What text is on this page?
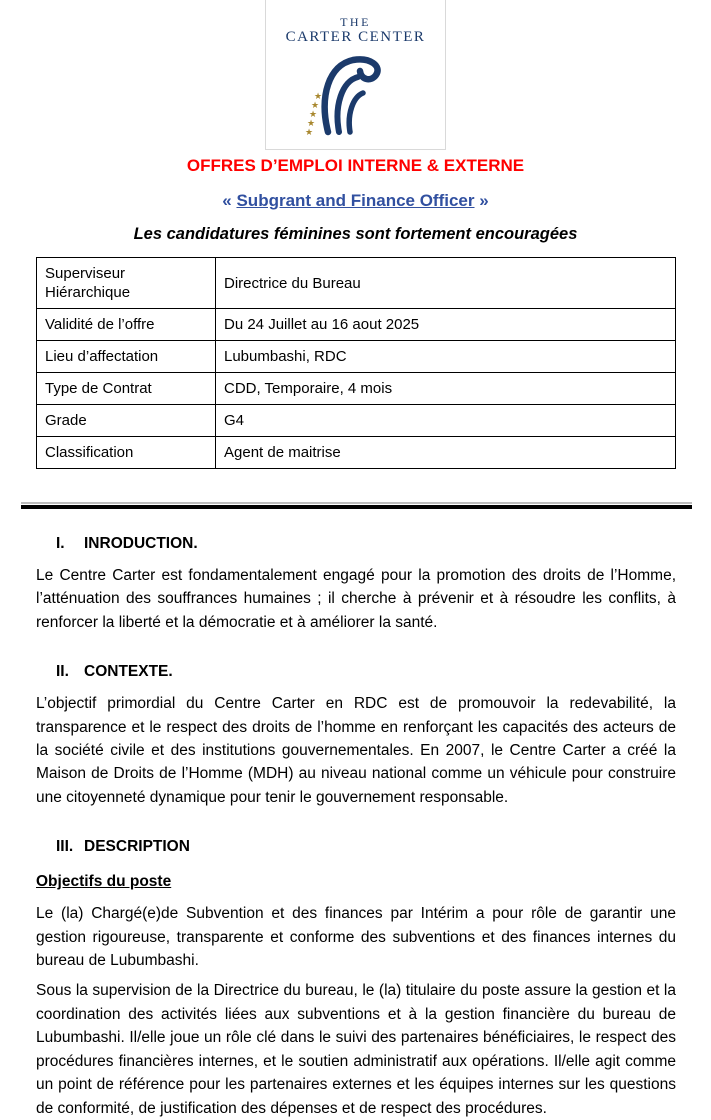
THE
CARTER CENTER
★
★
★
★
★
OFFRES D’EMPLOI INTERNE & EXTERNE
« Subgrant and Finance Officer »
Les candidatures féminines sont fortement encouragées
Superviseur Hiérarchique	Directrice du Bureau
Validité de l’offre	Du 24 Juillet au 16 aout 2025
Lieu d’affectation	Lubumbashi, RDC
Type de Contrat	CDD, Temporaire, 4 mois
Grade	G4
Classification	Agent de maitrise
I.	INRODUCTION.

Le Centre Carter est fondamentalement engagé pour la promotion des droits de l’Homme, l’atténuation des souffrances humaines ; il cherche à prévenir et à résoudre les conflits, à renforcer la liberté et la démocratie et à améliorer la santé.

II. CONTEXTE.

L’objectif primordial du Centre Carter en RDC est de promouvoir la redevabilité, la transparence et le respect des droits de l’homme en renforçant les capacités des acteurs de la société civile et des institutions gouvernementales. En 2007, le Centre Carter a créé la Maison de Droits de l’Homme (MDH) au niveau national comme un véhicule pour construire une citoyenneté dynamique pour tenir le gouvernement responsable.

III. DESCRIPTION
Objectifs du poste

Le (la) Chargé(e)de Subvention et des finances par Intérim a pour rôle de garantir une gestion rigoureuse, transparente et conforme des subventions et des finances internes du bureau de Lubumbashi.

Sous la supervision de la Directrice du bureau, le (la) titulaire du poste assure la gestion et la coordination des activités liées aux subventions et à la gestion financière du bureau de Lubumbashi. Il/elle joue un rôle clé dans le suivi des partenaires bénéficiaires, le respect des procédures financières internes, et le soutien administratif aux opérations. Il/elle agit comme un point de référence pour les partenaires externes et les équipes internes sur les questions de conformité, de justification des dépenses et de respect des procédures.
